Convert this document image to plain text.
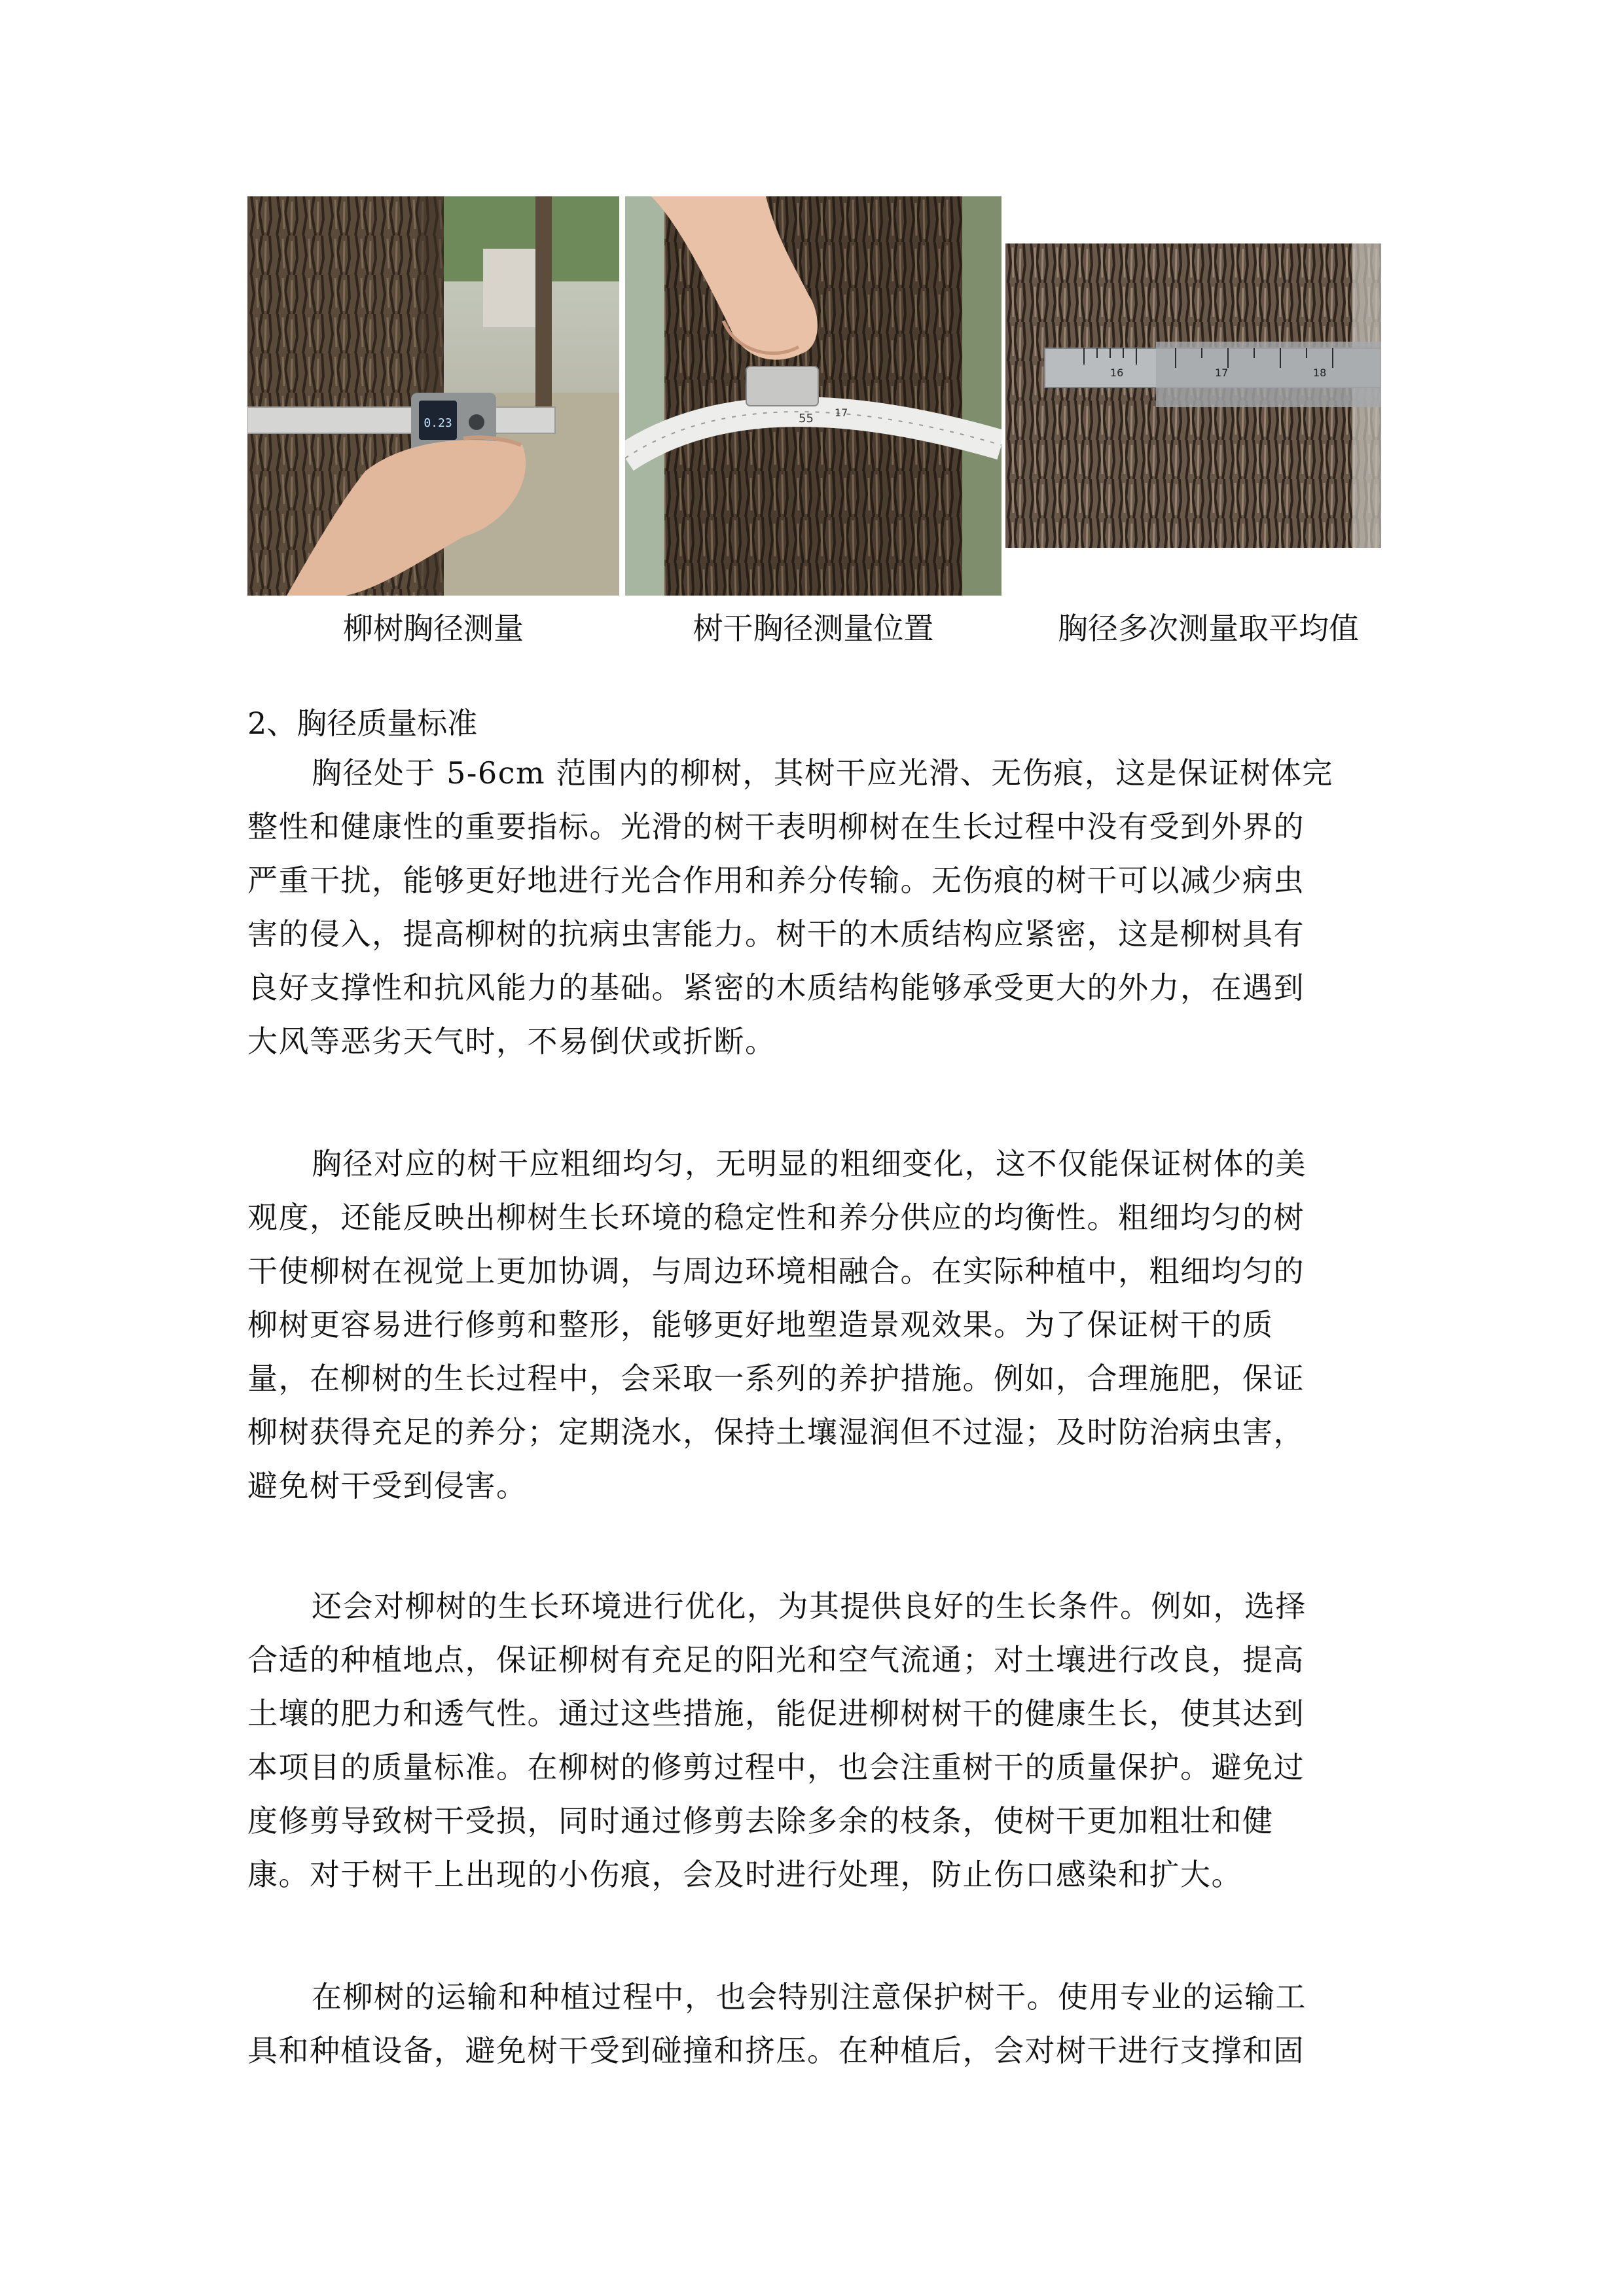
0.23	55 17
16	17	18
柳树胸径测量	树干胸径测量位置	胸径多次测量取平均值
2、胸径质量标准
胸径处于 5-6cm 范围内的柳树，其树干应光滑、无伤痕，这是保证树体完
整性和健康性的重要指标。光滑的树干表明柳树在生长过程中没有受到外界的
严重干扰，能够更好地进行光合作用和养分传输。无伤痕的树干可以减少病虫
害的侵入，提高柳树的抗病虫害能力。树干的木质结构应紧密，这是柳树具有
良好支撑性和抗风能力的基础。紧密的木质结构能够承受更大的外力，在遇到
大风等恶劣天气时，不易倒伏或折断。
胸径对应的树干应粗细均匀，无明显的粗细变化，这不仅能保证树体的美
观度，还能反映出柳树生长环境的稳定性和养分供应的均衡性。粗细均匀的树
干使柳树在视觉上更加协调，与周边环境相融合。在实际种植中，粗细均匀的
柳树更容易进行修剪和整形，能够更好地塑造景观效果。为了保证树干的质
量，在柳树的生长过程中，会采取一系列的养护措施。例如，合理施肥，保证
柳树获得充足的养分；定期浇水，保持土壤湿润但不过湿；及时防治病虫害，
避免树干受到侵害。
还会对柳树的生长环境进行优化，为其提供良好的生长条件。例如，选择
合适的种植地点，保证柳树有充足的阳光和空气流通；对土壤进行改良，提高
土壤的肥力和透气性。通过这些措施，能促进柳树树干的健康生长，使其达到
本项目的质量标准。在柳树的修剪过程中，也会注重树干的质量保护。避免过
度修剪导致树干受损，同时通过修剪去除多余的枝条，使树干更加粗壮和健
康。对于树干上出现的小伤痕，会及时进行处理，防止伤口感染和扩大。
在柳树的运输和种植过程中，也会特别注意保护树干。使用专业的运输工
具和种植设备，避免树干受到碰撞和挤压。在种植后，会对树干进行支撑和固
